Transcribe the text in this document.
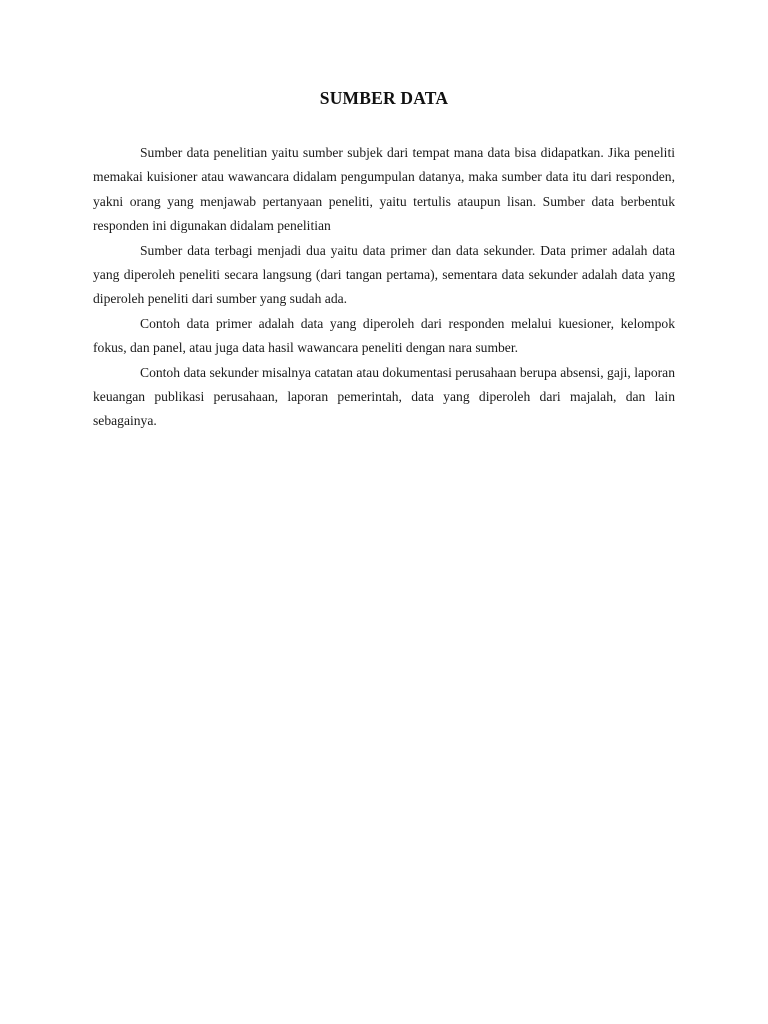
SUMBER DATA

Sumber data penelitian yaitu sumber subjek dari tempat mana data bisa didapatkan. Jika peneliti memakai kuisioner atau wawancara didalam pengumpulan datanya, maka sumber data itu dari responden, yakni orang yang menjawab pertanyaan peneliti, yaitu tertulis ataupun lisan. Sumber data berbentuk responden ini digunakan didalam penelitian

Sumber data terbagi menjadi dua yaitu data primer dan data sekunder. Data primer adalah data yang diperoleh peneliti secara langsung (dari tangan pertama), sementara data sekunder adalah data yang diperoleh peneliti dari sumber yang sudah ada.

Contoh data primer adalah data yang diperoleh dari responden melalui kuesioner, kelompok fokus, dan panel, atau juga data hasil wawancara peneliti dengan nara sumber.

Contoh data sekunder misalnya catatan atau dokumentasi perusahaan berupa absensi, gaji, laporan keuangan publikasi perusahaan, laporan pemerintah, data yang diperoleh dari majalah, dan lain sebagainya.
